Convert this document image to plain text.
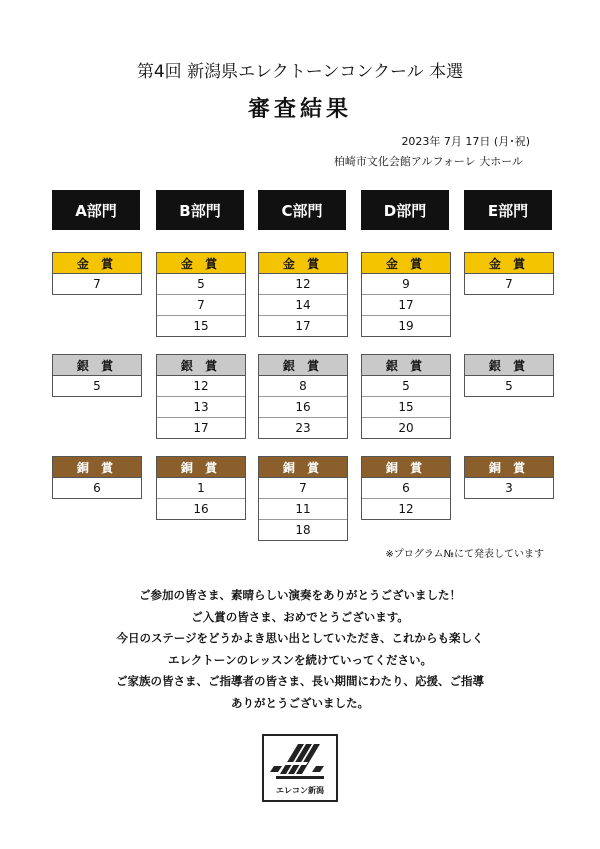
第4回 新潟県エレクトーンコンクール 本選
審査結果
2023年 7月 17日 (月･祝)
柏崎市文化会館アルフォーレ 大ホール
A部門
金 賞
7
銀 賞
5
銅 賞
6
B部門
金 賞
5
7
15
銀 賞
12
13
17
銅 賞
1
16
C部門
金 賞
12
14
17
銀 賞
8
16
23
銅 賞
7
11
18
D部門
金 賞
9
17
19
銀 賞
5
15
20
銅 賞
6
12
E部門
金 賞
7
銀 賞
5
銅 賞
3
※プログラム№にて発表しています
ご参加の皆さま、素晴らしい演奏をありがとうございました！
ご入賞の皆さま、おめでとうございます。
今日のステージをどうかよき思い出としていただき、これからも楽しく
エレクトーンのレッスンを続けていってください。
ご家族の皆さま、ご指導者の皆さま、長い期間にわたり、応援、ご指導
ありがとうございました。
エレコン新潟
